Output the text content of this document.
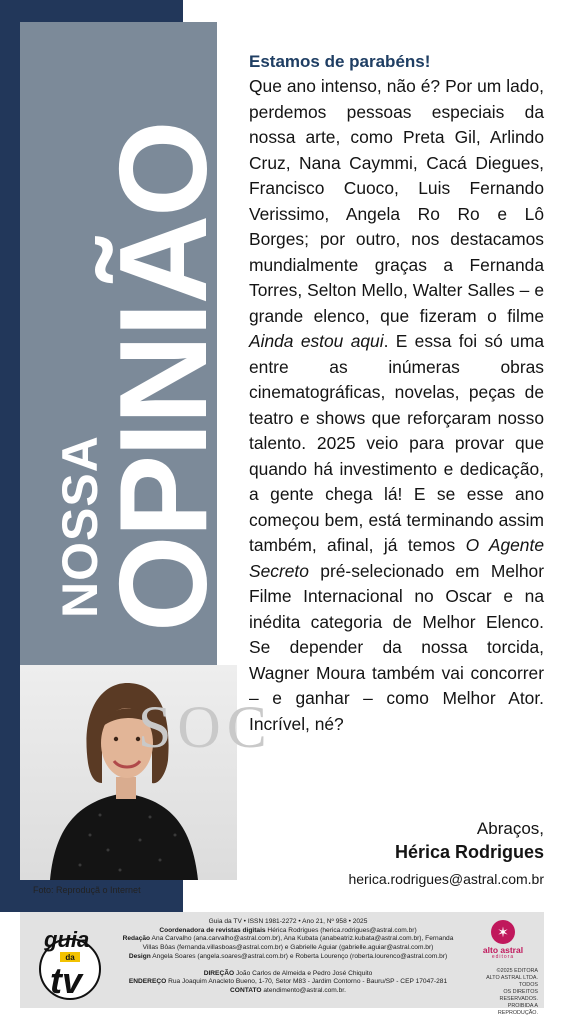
NOSSA
OPINIÃO
SOC
Foto: Reproduçã o Internet
Estamos de parabéns!
Que ano intenso, não é? Por um lado, perdemos pessoas especiais da nossa arte, como Preta Gil, Arlindo Cruz, Nana Caymmi, Cacá Diegues, Francisco Cuoco, Luis Fernando Verissimo, Angela Ro Ro e Lô Borges; por outro, nos destacamos mundialmente graças a Fernanda Torres, Selton Mello, Walter Salles – e grande elenco, que fizeram o filme Ainda estou aqui. E essa foi só uma entre as inúmeras obras cinematográficas, novelas, peças de teatro e shows que reforçaram nosso talento. 2025 veio para provar que quando há investimento e dedicação, a gente chega lá! E se esse ano começou bem, está terminando assim também, afinal, já temos O Agente Secreto pré-selecionado em Melhor Filme Internacional no Oscar e na inédita categoria de Melhor Elenco. Se depender da nossa torcida, Wagner Moura também vai concorrer – e ganhar – como Melhor Ator. Incrível, né?
Abraços,
Hérica Rodrigues
herica.rodrigues@astral.com.br
guia
da
tv
Guia da TV • ISSN 1981-2272 • Ano 21, Nº 958 • 2025
Coordenadora de revistas digitais Hérica Rodrigues (herica.rodrigues@astral.com.br)
Redação Ana Carvalho (ana.carvalho@astral.com.br), Ana Kubata (anabeatriz.kubata@astral.com.br), Fernanda Villas Bôas (fernanda.villasboas@astral.com.br) e Gabrielle Aguiar (gabrielle.aguiar@astral.com.br)
Design Angela Soares (angela.soares@astral.com.br) e Roberta Lourenço (roberta.lourenco@astral.com.br)
DIREÇÃO João Carlos de Almeida e Pedro José Chiquito
ENDEREÇO Rua Joaquim Anacleto Bueno, 1-70, Setor M83 - Jardim Contorno - Bauru/SP - CEP 17047-281
CONTATO atendimento@astral.com.br.
✶
alto astral
editora
©2025 EDITORA
ALTO ASTRAL LTDA. TODOS
OS DIREITOS RESERVADOS.
PROIBIDA A REPRODUÇÃO.
